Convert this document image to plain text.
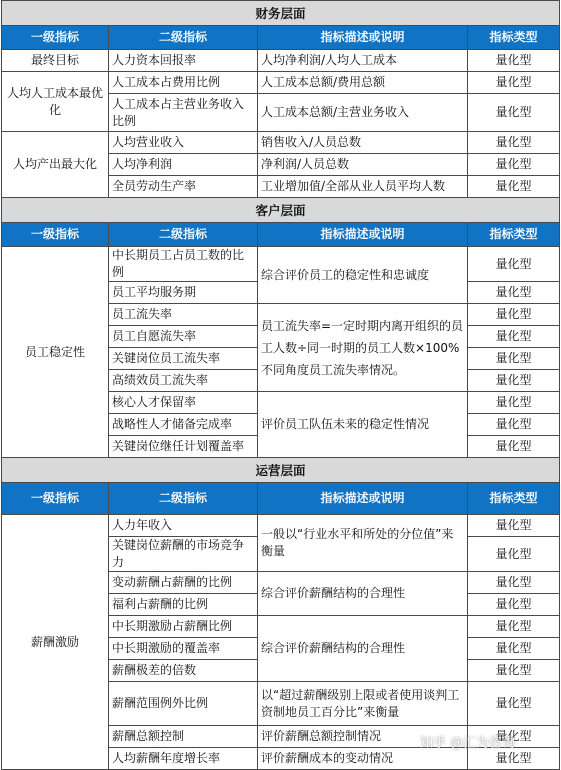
财务层面			
一级指标	二级指标	指标描述或说明	指标类型
最终目标	人力资本回报率	人均净利润/人均人工成本	量化型
人均人工成本最优化	人工成本占费用比例	人工成本总额/费用总额	量化型
	人工成本占主营业务收入比例	人工成本总额/主营业务收入	量化型
人均产出最大化	人均营业收入	销售收入/人员总数	量化型
	人均净利润	净利润/人员总数	量化型
	全员劳动生产率	工业增加值/全部从业人员平均人数	量化型
客户层面			
一级指标	二级指标	指标描述或说明	指标类型
员工稳定性	中长期员工占员工数的比例	综合评价员工的稳定性和忠诚度	量化型
	员工平均服务期		量化型
	员工流失率	员工流失率=一定时期内离开组织的员工人数÷同一时期的员工人数×100%不同角度员工流失率情况。	量化型
	员工自愿流失率		量化型
	关键岗位员工流失率		量化型
	高绩效员工流失率		量化型
	核心人才保留率	评价员工队伍未来的稳定性情况	量化型
	战略性人才储备完成率		量化型
	关键岗位继任计划覆盖率		量化型
运营层面			
一级指标	二级指标	指标描述或说明	指标类型
薪酬激励	人力年收入	一般以“行业水平和所处的分位值”来衡量	量化型
	关键岗位薪酬的市场竞争力		量化型
	变动薪酬占薪酬的比例	综合评价薪酬结构的合理性	量化型
	福利占薪酬的比例		量化型
	中长期激励占薪酬比例	综合评价薪酬结构的合理性	量化型
	中长期激励的覆盖率		量化型
	薪酬极差的倍数		量化型
	薪酬范围例外比例	以“超过薪酬级别上限或者使用谈判工资制地员工百分比”来衡量	量化型
	薪酬总额控制	评价薪酬总额控制情况	量化型
	人均薪酬年度增长率	评价薪酬成本的变动情况	量化型
知乎 @汇为咨询
